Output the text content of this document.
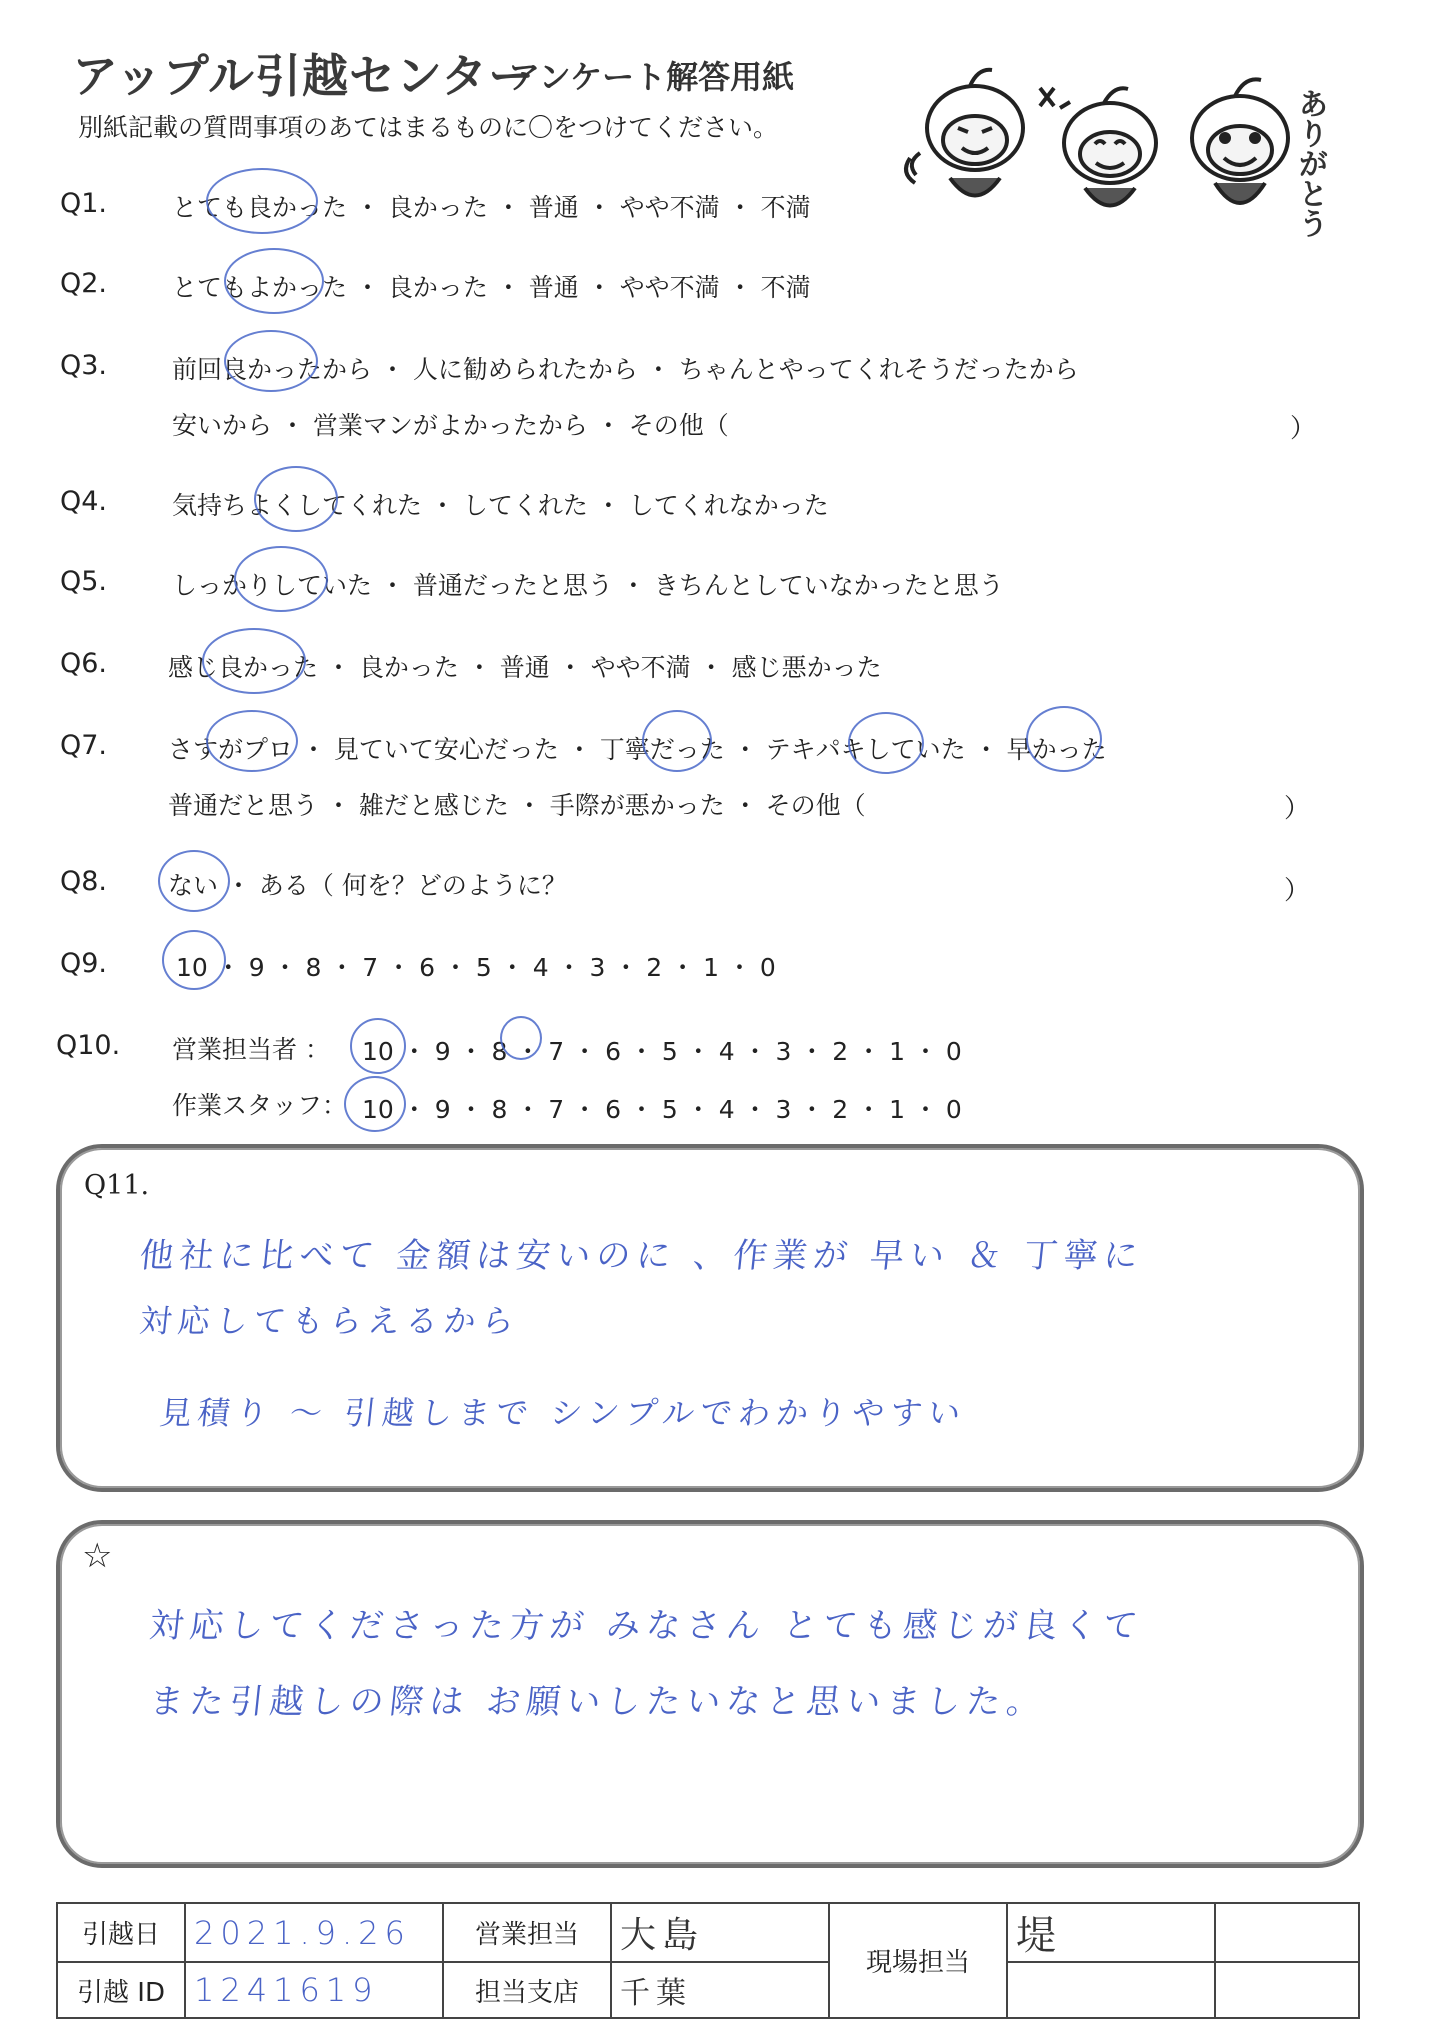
アップル引越センター
アンケート解答用紙
別紙記載の質問事項のあてはまるものに〇をつけてください。	ありがとう
Q1.	とても良かった ・ 良かった ・ 普通 ・ やや不満 ・ 不満
Q2.	とてもよかった ・ 良かった ・ 普通 ・ やや不満 ・ 不満
Q3.	前回良かったから ・ 人に勧められたから ・ ちゃんとやってくれそうだったから
安いから ・ 営業マンがよかったから ・ その他（	）
Q4.	気持ちよくしてくれた ・ してくれた ・ してくれなかった
Q5.	しっかりしていた ・ 普通だったと思う ・ きちんとしていなかったと思う
Q6. 感じ良かった ・ 良かった ・ 普通 ・ やや不満 ・ 感じ悪かった
Q7. さすがプロ ・ 見ていて安心だった ・ 丁寧だった ・ テキパキしていた ・ 早かった
普通だと思う ・ 雑だと感じた ・ 手際が悪かった ・ その他（	）
Q8. ない ・ ある（ 何を？どのように？	）
Q9.	10 ・ 9 ・ 8 ・ 7 ・ 6 ・ 5 ・ 4 ・ 3 ・ 2 ・ 1 ・ 0
Q10. 営業担当者 ： 10 ・ 9 ・ 8 ・ 7 ・ 6 ・ 5 ・ 4 ・ 3 ・ 2 ・ 1 ・ 0
作業スタッフ： 10 ・ 9 ・ 8 ・ 7 ・ 6 ・ 5 ・ 4 ・ 3 ・ 2 ・ 1 ・ 0
Q11.
他社に比べて 金額は安いのに 、作業が 早い ＆ 丁寧に
対応してもらえるから
見積り ～ 引越しまで シンプルでわかりやすい
☆
対応してくださった方が みなさん とても感じが良くて
また引越しの際は お願いしたいなと思いました。
引越日	2021.9.26	営業担当	大島	現場担当	堤	
引越 ID	1241619	担当支店	千葉			
